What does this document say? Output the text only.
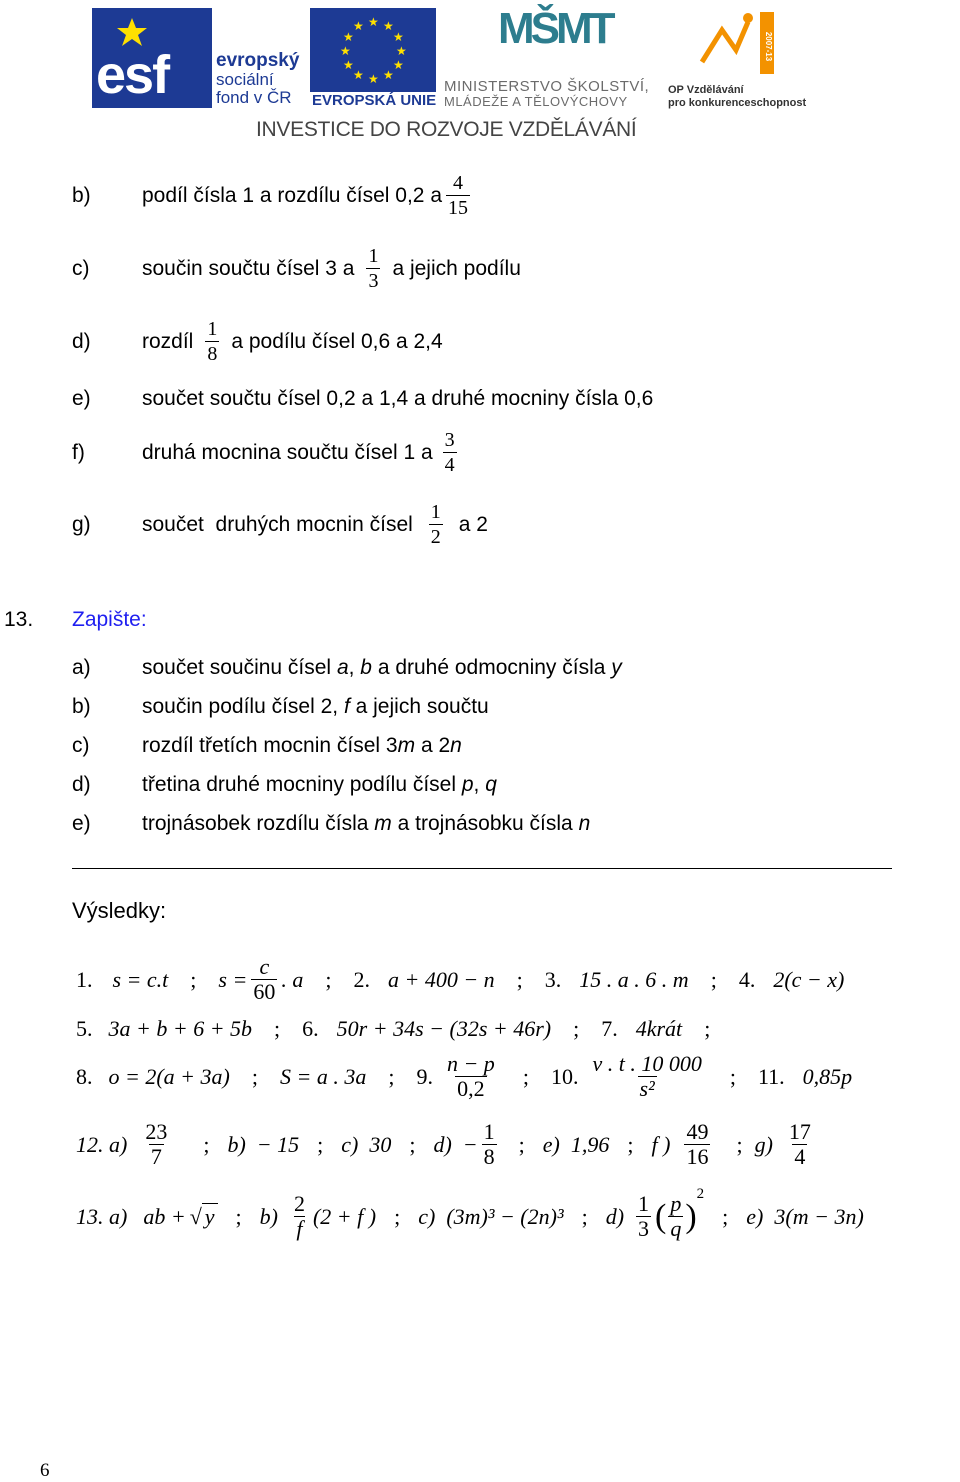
esf	evropský
sociální
fond v ČR
★ ★
★
★
★
★
★
★
★
★
★
★
EVROPSKÁ UNIE
MŠMT
MINISTERSTVO ŠKOLSTVÍ,
MLÁDEŽE A TĚLOVÝCHOVY
2007-13
OP Vzdělávání
pro konkurenceschopnost
INVESTICE DO ROZVOJE VZDĚLÁVÁNÍ
b)	podíl čísla 1 a rozdílu čísel 0,2 a $\frac{4}{15}$
c)	součin součtu čísel 3 a $\frac{1}{3}$ a jejich podílu
d)	rozdíl $\frac{1}{8}$ a podílu čísel 0,6 a 2,4
e)	součet součtu čísel 0,2 a 1,4 a druhé mocniny čísla 0,6
f)	druhá mocnina součtu čísel 1 a $\frac{3}{4}$
g)	součet  druhých mocnin čísel $\frac{1}{2}$ a 2
13.	Zapište:
a)	součet součinu čísel a, b a druhé odmocniny čísla y
b)	součin podílu čísel 2, f a jejich součtu
c)	rozdíl třetích mocnin čísel 3m a 2n
d)	třetina druhé mocniny podílu čísel p, q
e)	trojnásobek rozdílu čísla m a trojnásobku čísla n
Výsledky:
1. s = c.t ; $s = \frac{c}{60}$ . a ; 2. a + 400 − n ; 3. 15 . a . 6 . m ; 4. 2(c − x)
5. 3a + b + 6 + 5b ; 6. 50r + 34s − (32s + 46r) ; 7. 4krát ;
8. o = 2(a + 3a) ; S = a . 3a ; 9. $\frac{n - p}{0,2}$ ; 10. $\frac{v . t . 10 000}{\text{s²}}$ ; 11. 0,85p
12. $a) \frac{23}{7}$ ; b)  − 15 ; c)  30 ; $d) - \frac{1}{8}$ ; e)  1,96 ; f ) $\frac{49}{16}$ ; $g) \frac{17}{4}$
13. a) ab + √ y ; $b) \frac{2}{f} (2 + f$ ) ; c)  (3m)³ − (2n)³ ; $d) \frac{1}{3}$ ( $\frac{p}{q}$ )
$^2$
; e)  3(m − 3n)
6
